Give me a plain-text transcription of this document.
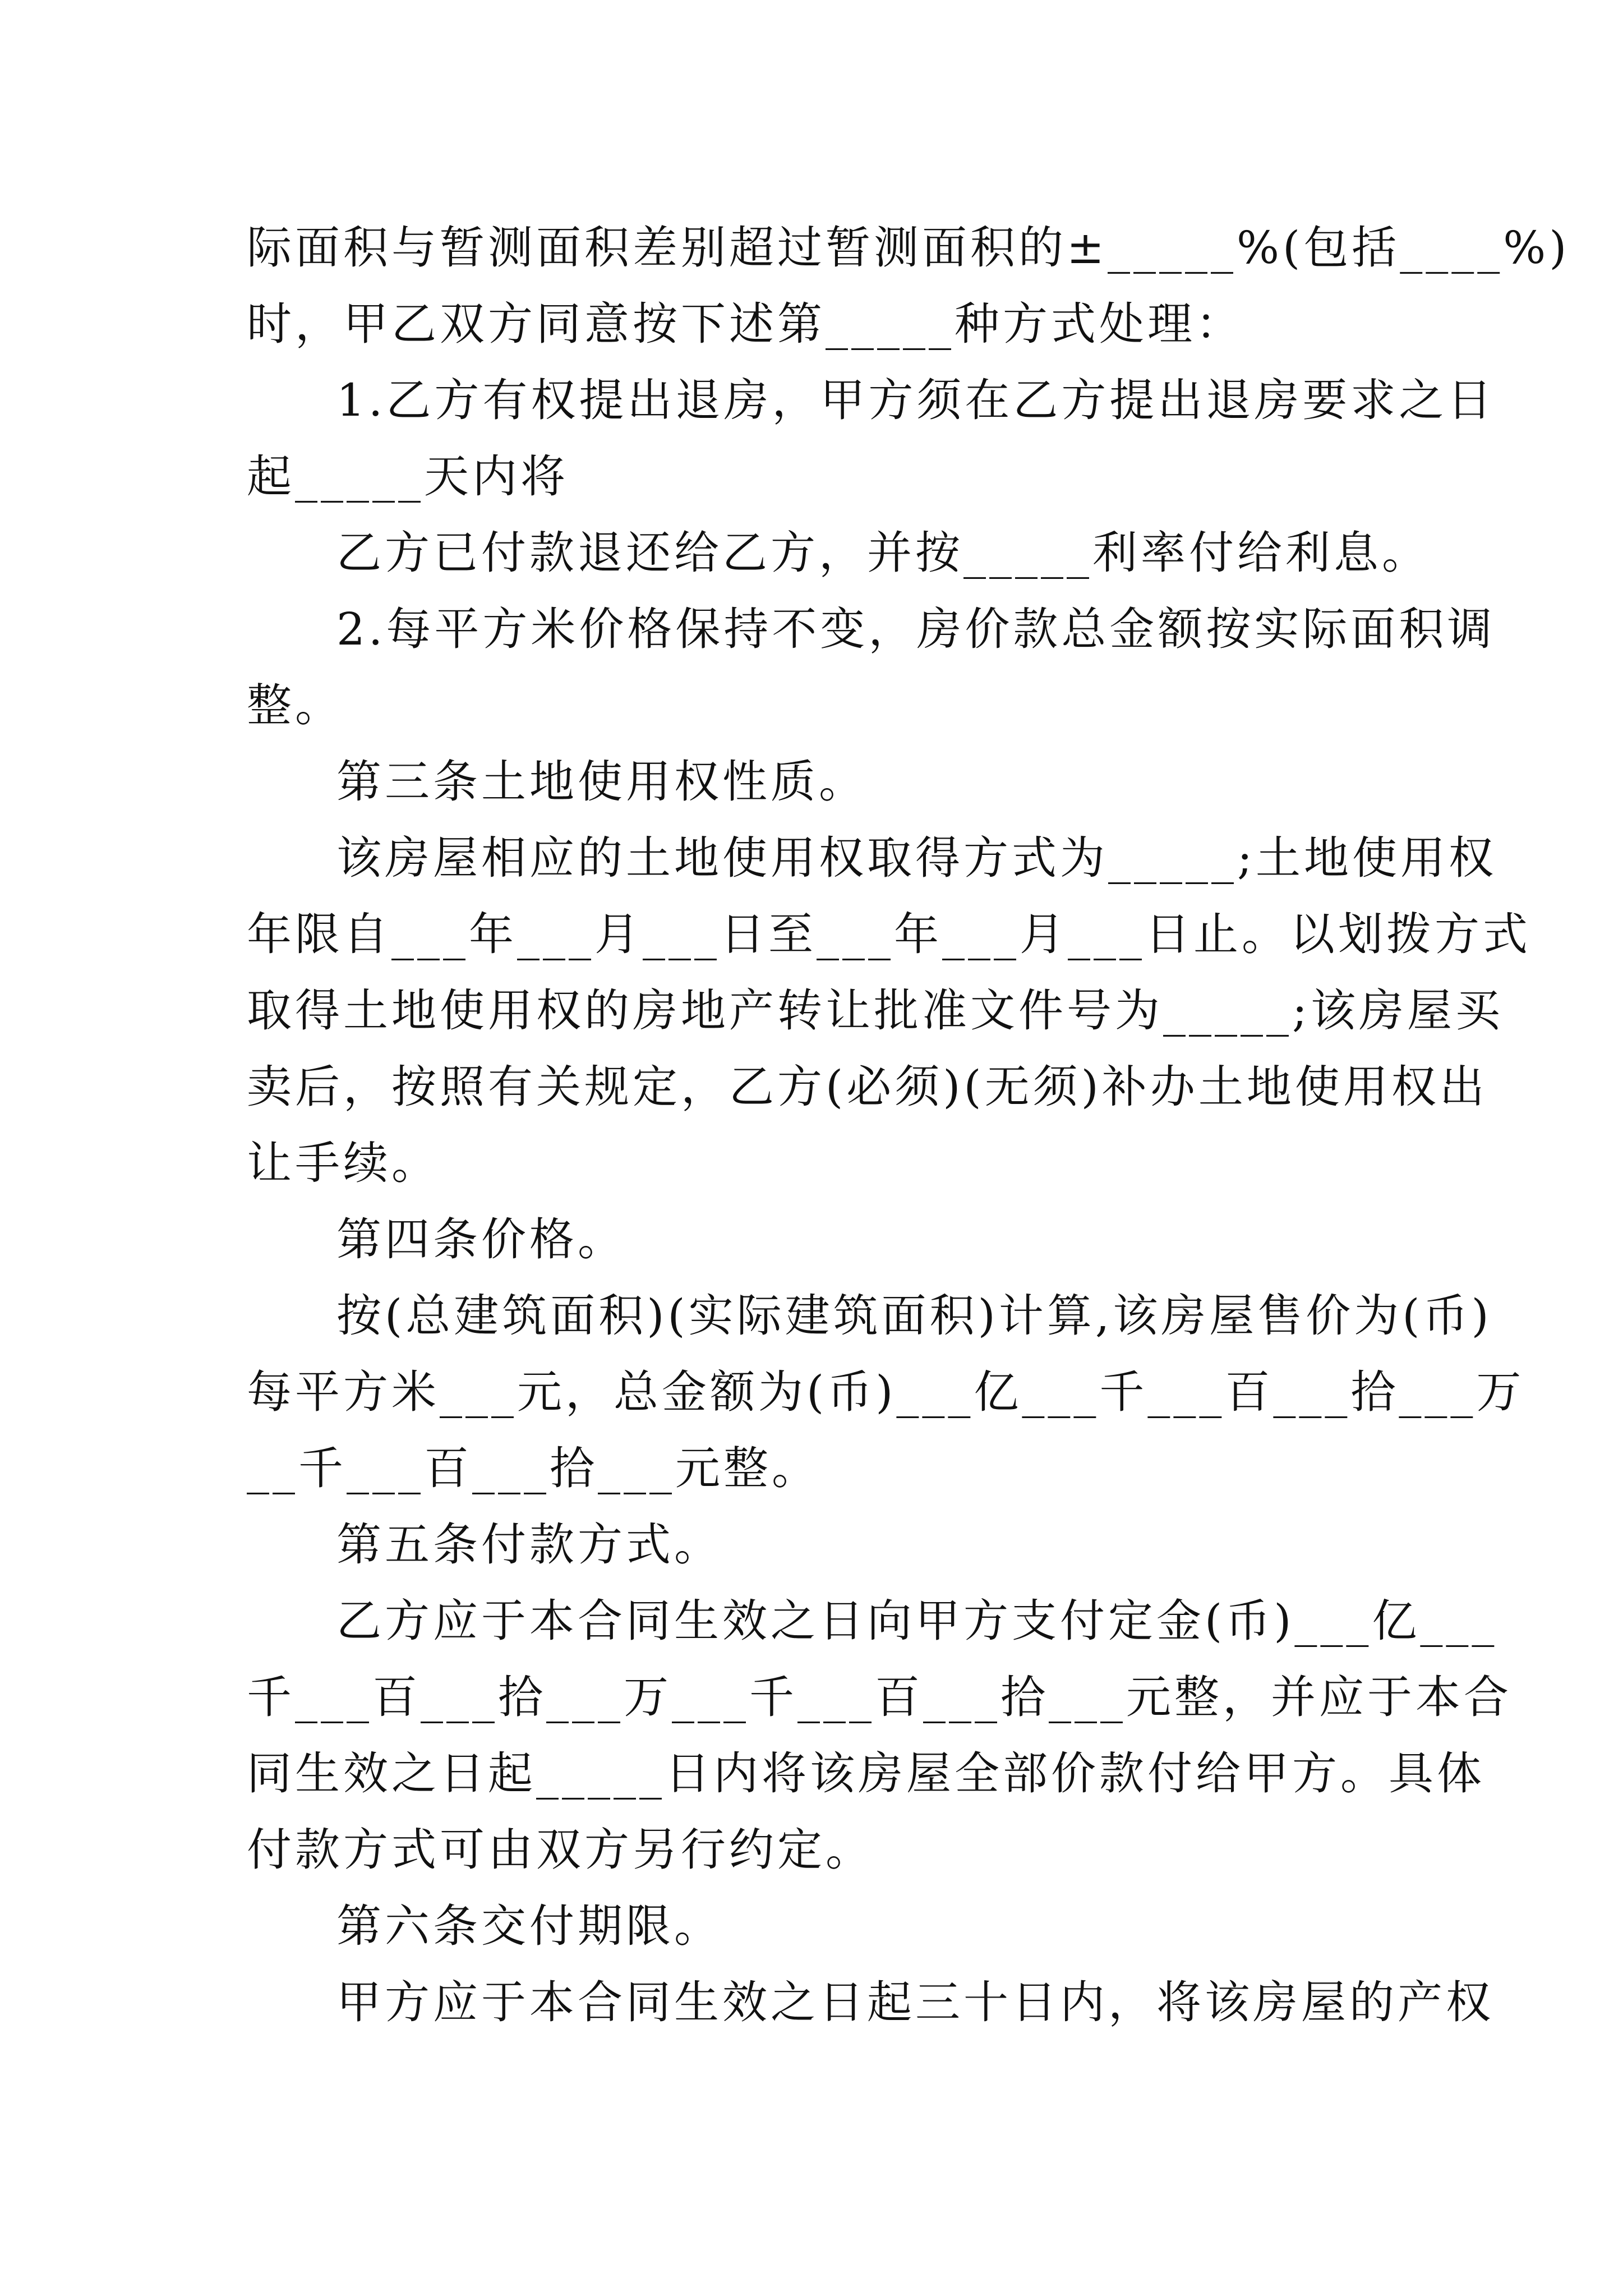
际面积与暂测面积差别超过暂测面积的±_____%(包括____%)
时，甲乙双方同意按下述第_____种方式处理：
1.乙方有权提出退房，甲方须在乙方提出退房要求之日
起_____天内将
乙方已付款退还给乙方，并按_____利率付给利息。
2.每平方米价格保持不变，房价款总金额按实际面积调
整。
第三条土地使用权性质。
该房屋相应的土地使用权取得方式为_____;土地使用权
年限自___年___月___日至___年___月___日止。以划拨方式
取得土地使用权的房地产转让批准文件号为_____;该房屋买
卖后，按照有关规定，乙方(必须)(无须)补办土地使用权出
让手续。
第四条价格。
按(总建筑面积)(实际建筑面积)计算,该房屋售价为(币)
每平方米___元，总金额为(币)___亿___千___百___拾___万
__千___百___拾___元整。
第五条付款方式。
乙方应于本合同生效之日向甲方支付定金(币)___亿___
千___百___拾___万___千___百___拾___元整，并应于本合
同生效之日起_____日内将该房屋全部价款付给甲方。具体
付款方式可由双方另行约定。
第六条交付期限。
甲方应于本合同生效之日起三十日内，将该房屋的产权
